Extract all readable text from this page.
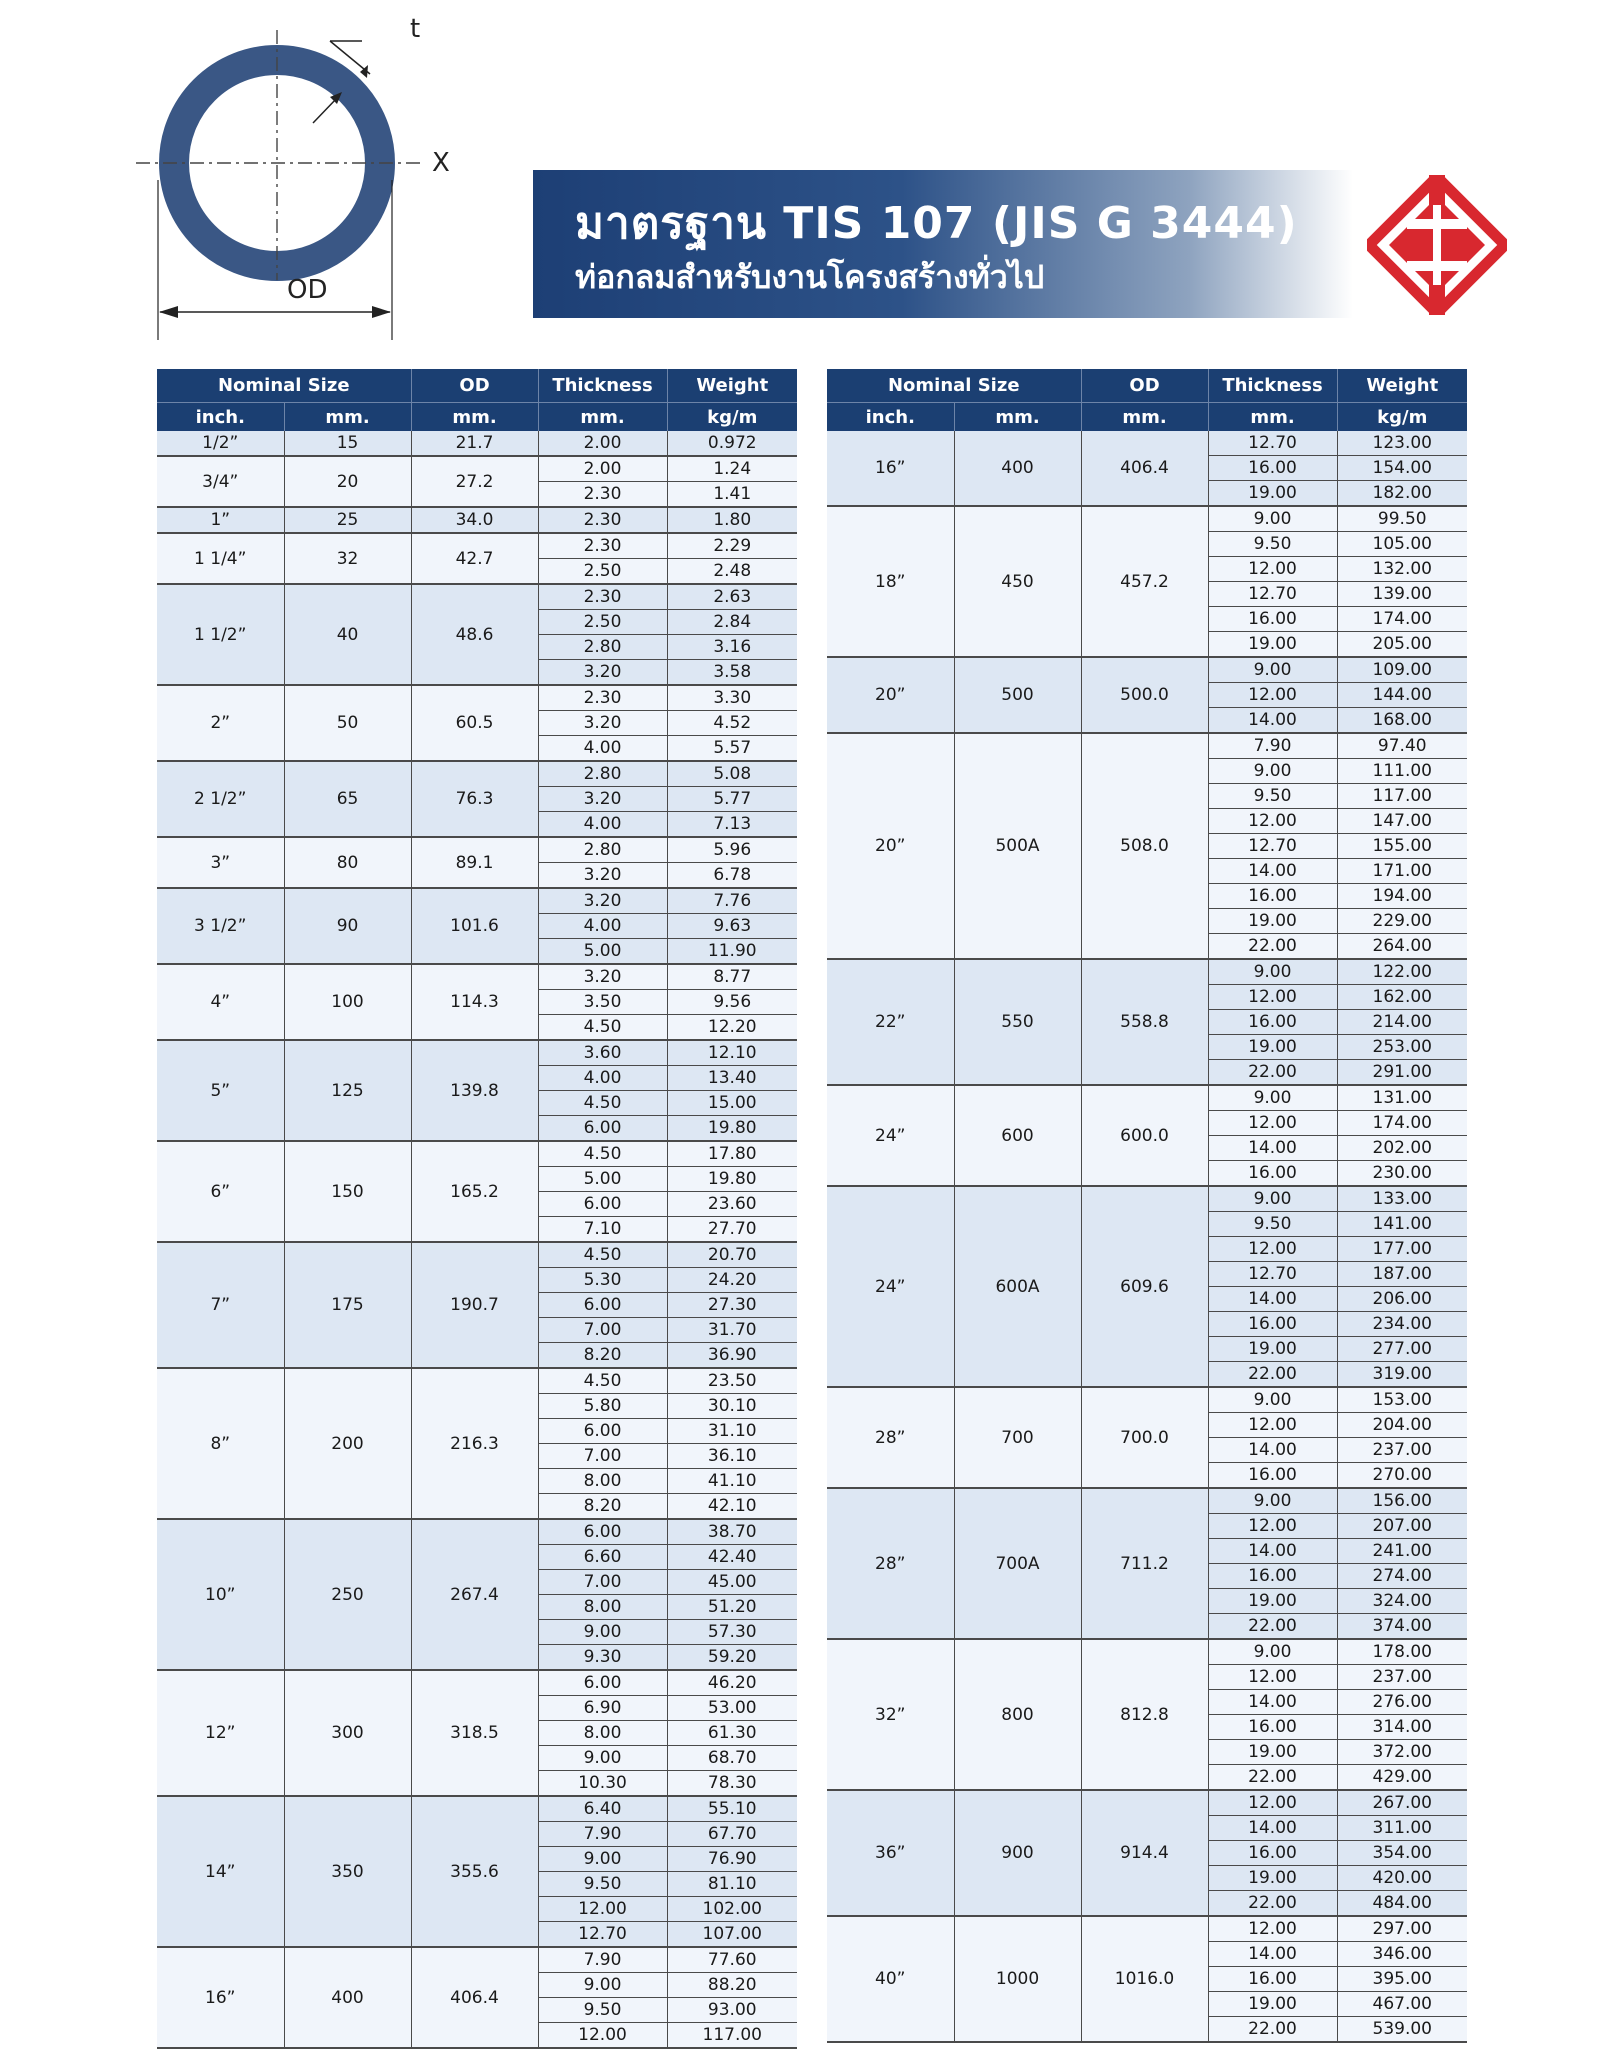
X
t
OD
มาตรฐาน TIS 107 (JIS G 3444)
ท่อกลมสำหรับงานโครงสร้างทั่วไป
Nominal Size		OD	Thickness	Weight
inch.	mm.	mm.	mm.	kg/m
1/2”	15	21.7	2.00	0.972
3/4”	20	27.2	2.00	1.24
			2.30	1.41
1”	25	34.0	2.30	1.80
1 1/4”	32	42.7	2.30	2.29
			2.50	2.48
1 1/2”	40	48.6	2.30	2.63
			2.50	2.84
			2.80	3.16
			3.20	3.58
2”	50	60.5	2.30	3.30
			3.20	4.52
			4.00	5.57
2 1/2”	65	76.3	2.80	5.08
			3.20	5.77
			4.00	7.13
3”	80	89.1	2.80	5.96
			3.20	6.78
3 1/2”	90	101.6	3.20	7.76
			4.00	9.63
			5.00	11.90
4”	100	114.3	3.20	8.77
			3.50	9.56
			4.50	12.20
5”	125	139.8	3.60	12.10
			4.00	13.40
			4.50	15.00
			6.00	19.80
6”	150	165.2	4.50	17.80
			5.00	19.80
			6.00	23.60
			7.10	27.70
7”	175	190.7	4.50	20.70
			5.30	24.20
			6.00	27.30
			7.00	31.70
			8.20	36.90
8”	200	216.3	4.50	23.50
			5.80	30.10
			6.00	31.10
			7.00	36.10
			8.00	41.10
			8.20	42.10
10”	250	267.4	6.00	38.70
			6.60	42.40
			7.00	45.00
			8.00	51.20
			9.00	57.30
			9.30	59.20
12”	300	318.5	6.00	46.20
			6.90	53.00
			8.00	61.30
			9.00	68.70
			10.30	78.30
14”	350	355.6	6.40	55.10
			7.90	67.70
			9.00	76.90
			9.50	81.10
			12.00	102.00
			12.70	107.00
16”	400	406.4	7.90	77.60
			9.00	88.20
			9.50	93.00
			12.00	117.00
Nominal Size		OD	Thickness	Weight
inch.	mm.	mm.	mm.	kg/m
16”	400	406.4	12.70	123.00
			16.00	154.00
			19.00	182.00
18”	450	457.2	9.00	99.50
			9.50	105.00
			12.00	132.00
			12.70	139.00
			16.00	174.00
			19.00	205.00
20”	500	500.0	9.00	109.00
			12.00	144.00
			14.00	168.00
20”	500A	508.0	7.90	97.40
			9.00	111.00
			9.50	117.00
			12.00	147.00
			12.70	155.00
			14.00	171.00
			16.00	194.00
			19.00	229.00
			22.00	264.00
22”	550	558.8	9.00	122.00
			12.00	162.00
			16.00	214.00
			19.00	253.00
			22.00	291.00
24”	600	600.0	9.00	131.00
			12.00	174.00
			14.00	202.00
			16.00	230.00
24”	600A	609.6	9.00	133.00
			9.50	141.00
			12.00	177.00
			12.70	187.00
			14.00	206.00
			16.00	234.00
			19.00	277.00
			22.00	319.00
28”	700	700.0	9.00	153.00
			12.00	204.00
			14.00	237.00
			16.00	270.00
28”	700A	711.2	9.00	156.00
			12.00	207.00
			14.00	241.00
			16.00	274.00
			19.00	324.00
			22.00	374.00
32”	800	812.8	9.00	178.00
			12.00	237.00
			14.00	276.00
			16.00	314.00
			19.00	372.00
			22.00	429.00
36”	900	914.4	12.00	267.00
			14.00	311.00
			16.00	354.00
			19.00	420.00
			22.00	484.00
40”	1000	1016.0	12.00	297.00
			14.00	346.00
			16.00	395.00
			19.00	467.00
			22.00	539.00
